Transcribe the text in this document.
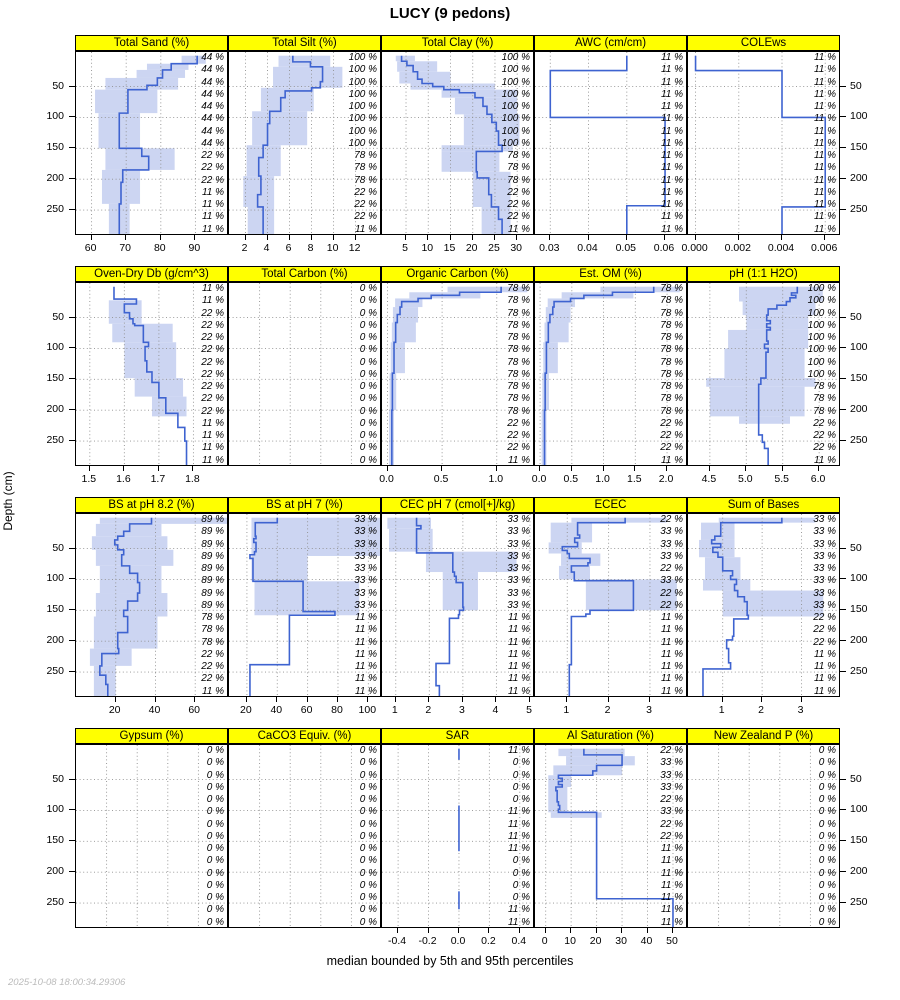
LUCY (9 pedons)
Depth (cm)
median bounded by 5th and 95th percentiles
2025-10-08 18:00:34.29306
Total Sand (%)
44 %
44 %
44 %
44 %
44 %
44 %
44 %
44 %
22 %
22 %
22 %
11 %
11 %
11 %
11 %
60	70	80	90
Total Silt (%)
100 %
100 %
100 %
100 %
100 %
100 %
100 %
100 %
78 %
78 %
78 %
22 %
22 %
22 %
11 %
2	4	6	8	10 12
Total Clay (%)
100 %
100 %
100 %
100 %
100 %
100 %
100 %
100 %
78 %
78 %
78 %
22 %
22 %
22 %
11 %
5	10	15	20	25	30
AWC (cm/cm)
11 %
11 %
11 %
11 %
11 %
11 %
11 %
11 %
11 %
11 %
11 %
11 %
11 %
11 %
11 %
0.03	0.04	0.05	0.06
COLEws
11 %
11 %
11 %
11 %
11 %
11 %
11 %
11 %
11 %
11 %
11 %
11 %
11 %
11 %
11 %
0.000	0.002	0.004	0.006
Oven-Dry Db (g/cm^3)
11 %
11 %
22 %
22 %
22 %
22 %
22 %
22 %
22 %
22 %
22 %
11 %
11 %
11 %
11 %
1.5	1.6	1.7	1.8
Total Carbon (%)
0 %
0 %
0 %
0 %
0 %
0 %
0 %
0 %
0 %
0 %
0 %
0 %
0 %
0 %
0 %
Organic Carbon (%)
78 %
78 %
78 %
78 %
78 %
78 %
78 %
78 %
78 %
78 %
78 %
22 %
22 %
22 %
11 %
0.0	0.5	1.0
Est. OM (%)
78 %
78 %
78 %
78 %
78 %
78 %
78 %
78 %
78 %
78 %
78 %
22 %
22 %
22 %
11 %
0.0	0.5	1.0	1.5	2.0
pH (1:1 H2O)
100 %
100 %
100 %
100 %
100 %
100 %
100 %
100 %
78 %
78 %
78 %
22 %
22 %
22 %
11 %
4.5	5.0	5.5	6.0
BS at pH 8.2 (%)
89 %
89 %
89 %
89 %
89 %
89 %
89 %
89 %
78 %
78 %
78 %
22 %
22 %
22 %
11 %
20	40	60
BS at pH 7 (%)
33 %
33 %
33 %
33 %
33 %
33 %
33 %
33 %
11 %
11 %
11 %
11 %
11 %
11 %
11 %
20	40	60	80	100
CEC pH 7 (cmol[+]/kg)
33 %
33 %
33 %
33 %
33 %
33 %
33 %
33 %
11 %
11 %
11 %
11 %
11 %
11 %
11 %
1	2	3	4	5
ECEC
22 %
33 %
33 %
33 %
22 %
33 %
22 %
22 %
11 %
11 %
11 %
11 %
11 %
11 %
11 %
1	2	3
Sum of Bases
33 %
33 %
33 %
33 %
33 %
33 %
33 %
33 %
22 %
22 %
22 %
11 %
11 %
11 %
11 %
1	2	3
Gypsum (%)
0 %
0 %
0 %
0 %
0 %
0 %
0 %
0 %
0 %
0 %
0 %
0 %
0 %
0 %
0 %
CaCO3 Equiv. (%)
0 %
0 %
0 %
0 %
0 %
0 %
0 %
0 %
0 %
0 %
0 %
0 %
0 %
0 %
0 %
SAR
11 %
0 %
0 %
0 %
0 %
11 %
11 %
11 %
11 %
0 %
0 %
0 %
0 %
11 %
11 %
-0.4	-0.2	0.0	0.2	0.4
Al Saturation (%)
22 %
33 %
33 %
33 %
22 %
33 %
22 %
22 %
11 %
11 %
11 %
11 %
11 %
11 %
11 %
0	10	20	30	40	50
New Zealand P (%)
0 %
0 %
0 %
0 %
0 %
0 %
0 %
0 %
0 %
0 %
0 %
0 %
0 %
0 %
0 %
50	50
100	100
150	150
200	200
250	250
50	50
100	100
150	150
200	200
250	250
50	50
100	100
150	150
200	200
250	250
50	50
100	100
150	150
200	200
250	250
